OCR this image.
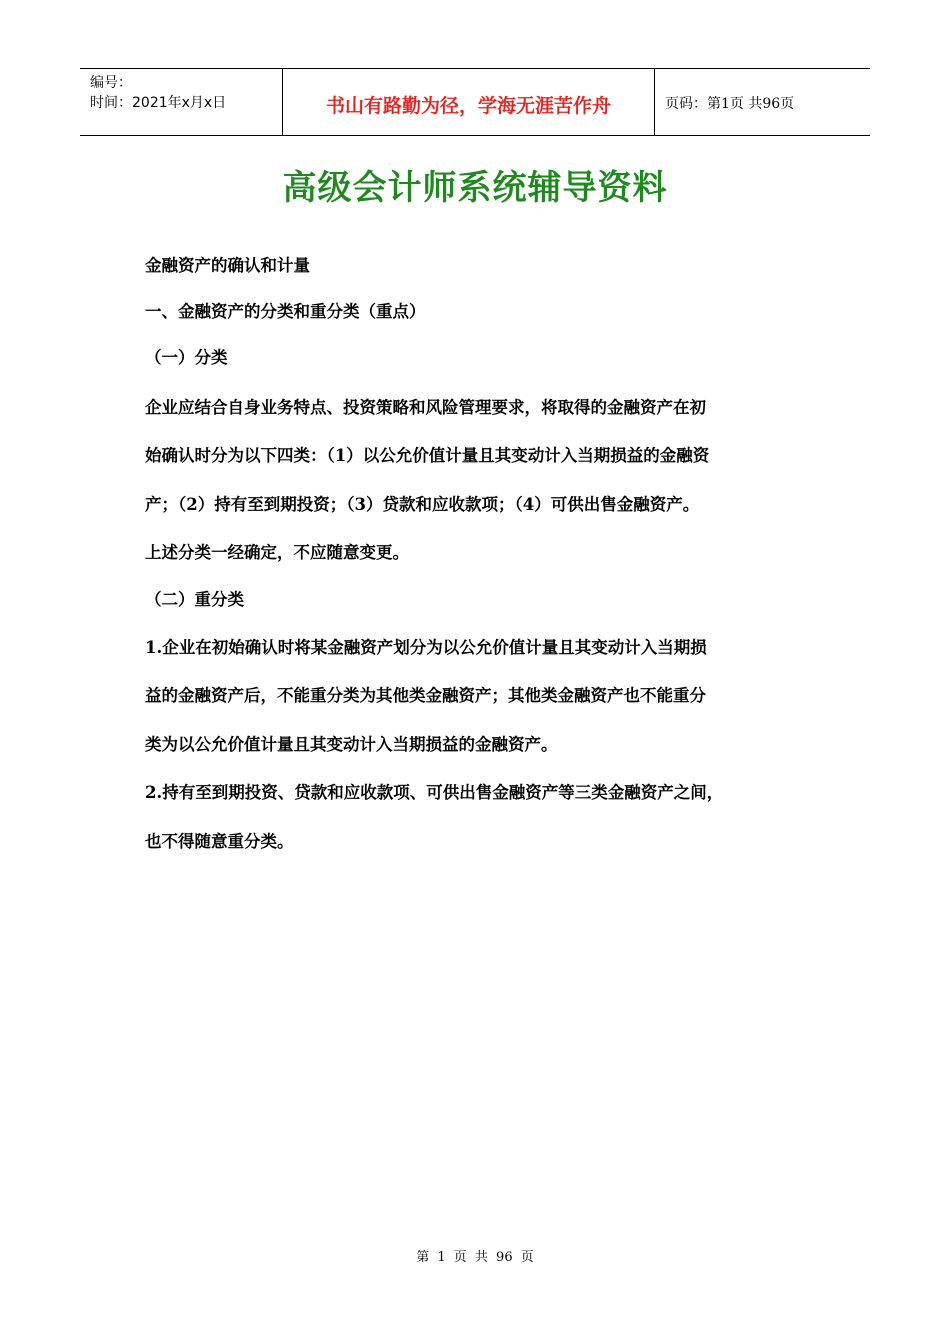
编号：
时间：2021年x月x日	书山有路勤为径，学海无涯苦作舟	页码：第1页 共96页
高级会计师系统辅导资料
金融资产的确认和计量
一、金融资产的分类和重分类（重点）
（一）分类
企业应结合自身业务特点、投资策略和风险管理要求，将取得的金融资产在初
始确认时分为以下四类：（1）以公允价值计量且其变动计入当期损益的金融资
产；（2）持有至到期投资；（3）贷款和应收款项；（4）可供出售金融资产。
上述分类一经确定，不应随意变更。
（二）重分类
1.企业在初始确认时将某金融资产划分为以公允价值计量且其变动计入当期损
益的金融资产后，不能重分类为其他类金融资产；其他类金融资产也不能重分
类为以公允价值计量且其变动计入当期损益的金融资产。
2.持有至到期投资、贷款和应收款项、可供出售金融资产等三类金融资产之间，
也不得随意重分类。
第 1 页 共 96 页
